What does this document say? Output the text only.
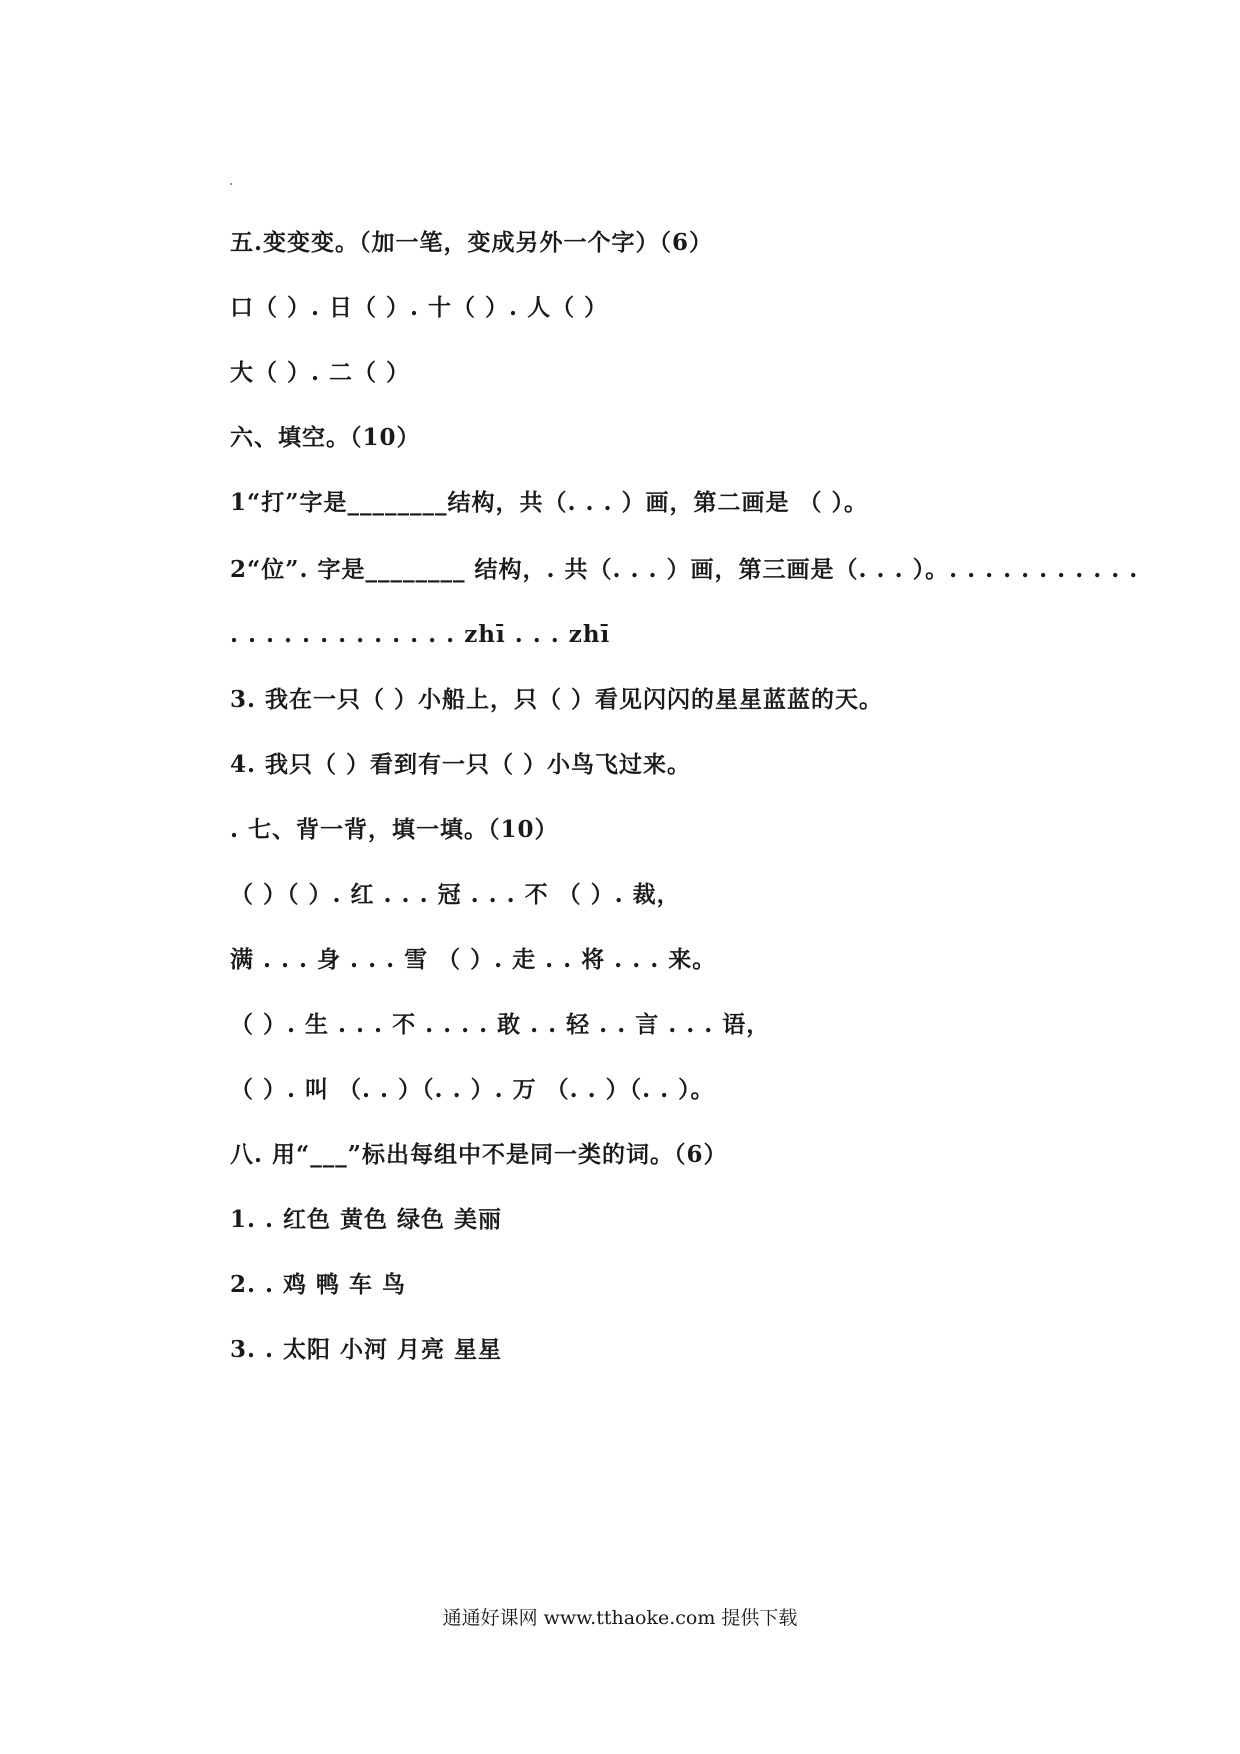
五.变变变。（加一笔，变成另外一个字）（6）
口（ ）. 日（ ）. 十（ ）. 人（ ）
大（ ）. 二（ ）
六、填空。（10）
1“打”字是________结构，共（. . . ）画，第二画是 （ ）。
2“位”. 字是________ 结构，. 共（. . . ）画，第三画是（. . . ）。. . . . . . . . . . .
. . . . . . . . . . . . . zhī . . . zhī
3. 我在一只（ ）小船上，只（ ）看见闪闪的星星蓝蓝的天。
4. 我只（ ）看到有一只（ ）小鸟飞过来。
. 七、背一背，填一填。（10）
（ ）（ ）. 红 . . . 冠 . . . 不 （ ）. 裁，
满 . . . 身 . . . 雪 （ ）. 走 . . 将 . . . 来。
（ ）. 生 . . . 不 . . . . 敢 . . 轻 . . 言 . . . 语，
（ ）. 叫 （. . ）（. . ）. 万 （. . ）（. . ）。
八. 用“___”标出每组中不是同一类的词。（6）
1. . 红色 黄色 绿色 美丽
2. . 鸡 鸭 车 鸟
3. . 太阳 小河 月亮 星星
通通好课网 www.tthaoke.com 提供下载
